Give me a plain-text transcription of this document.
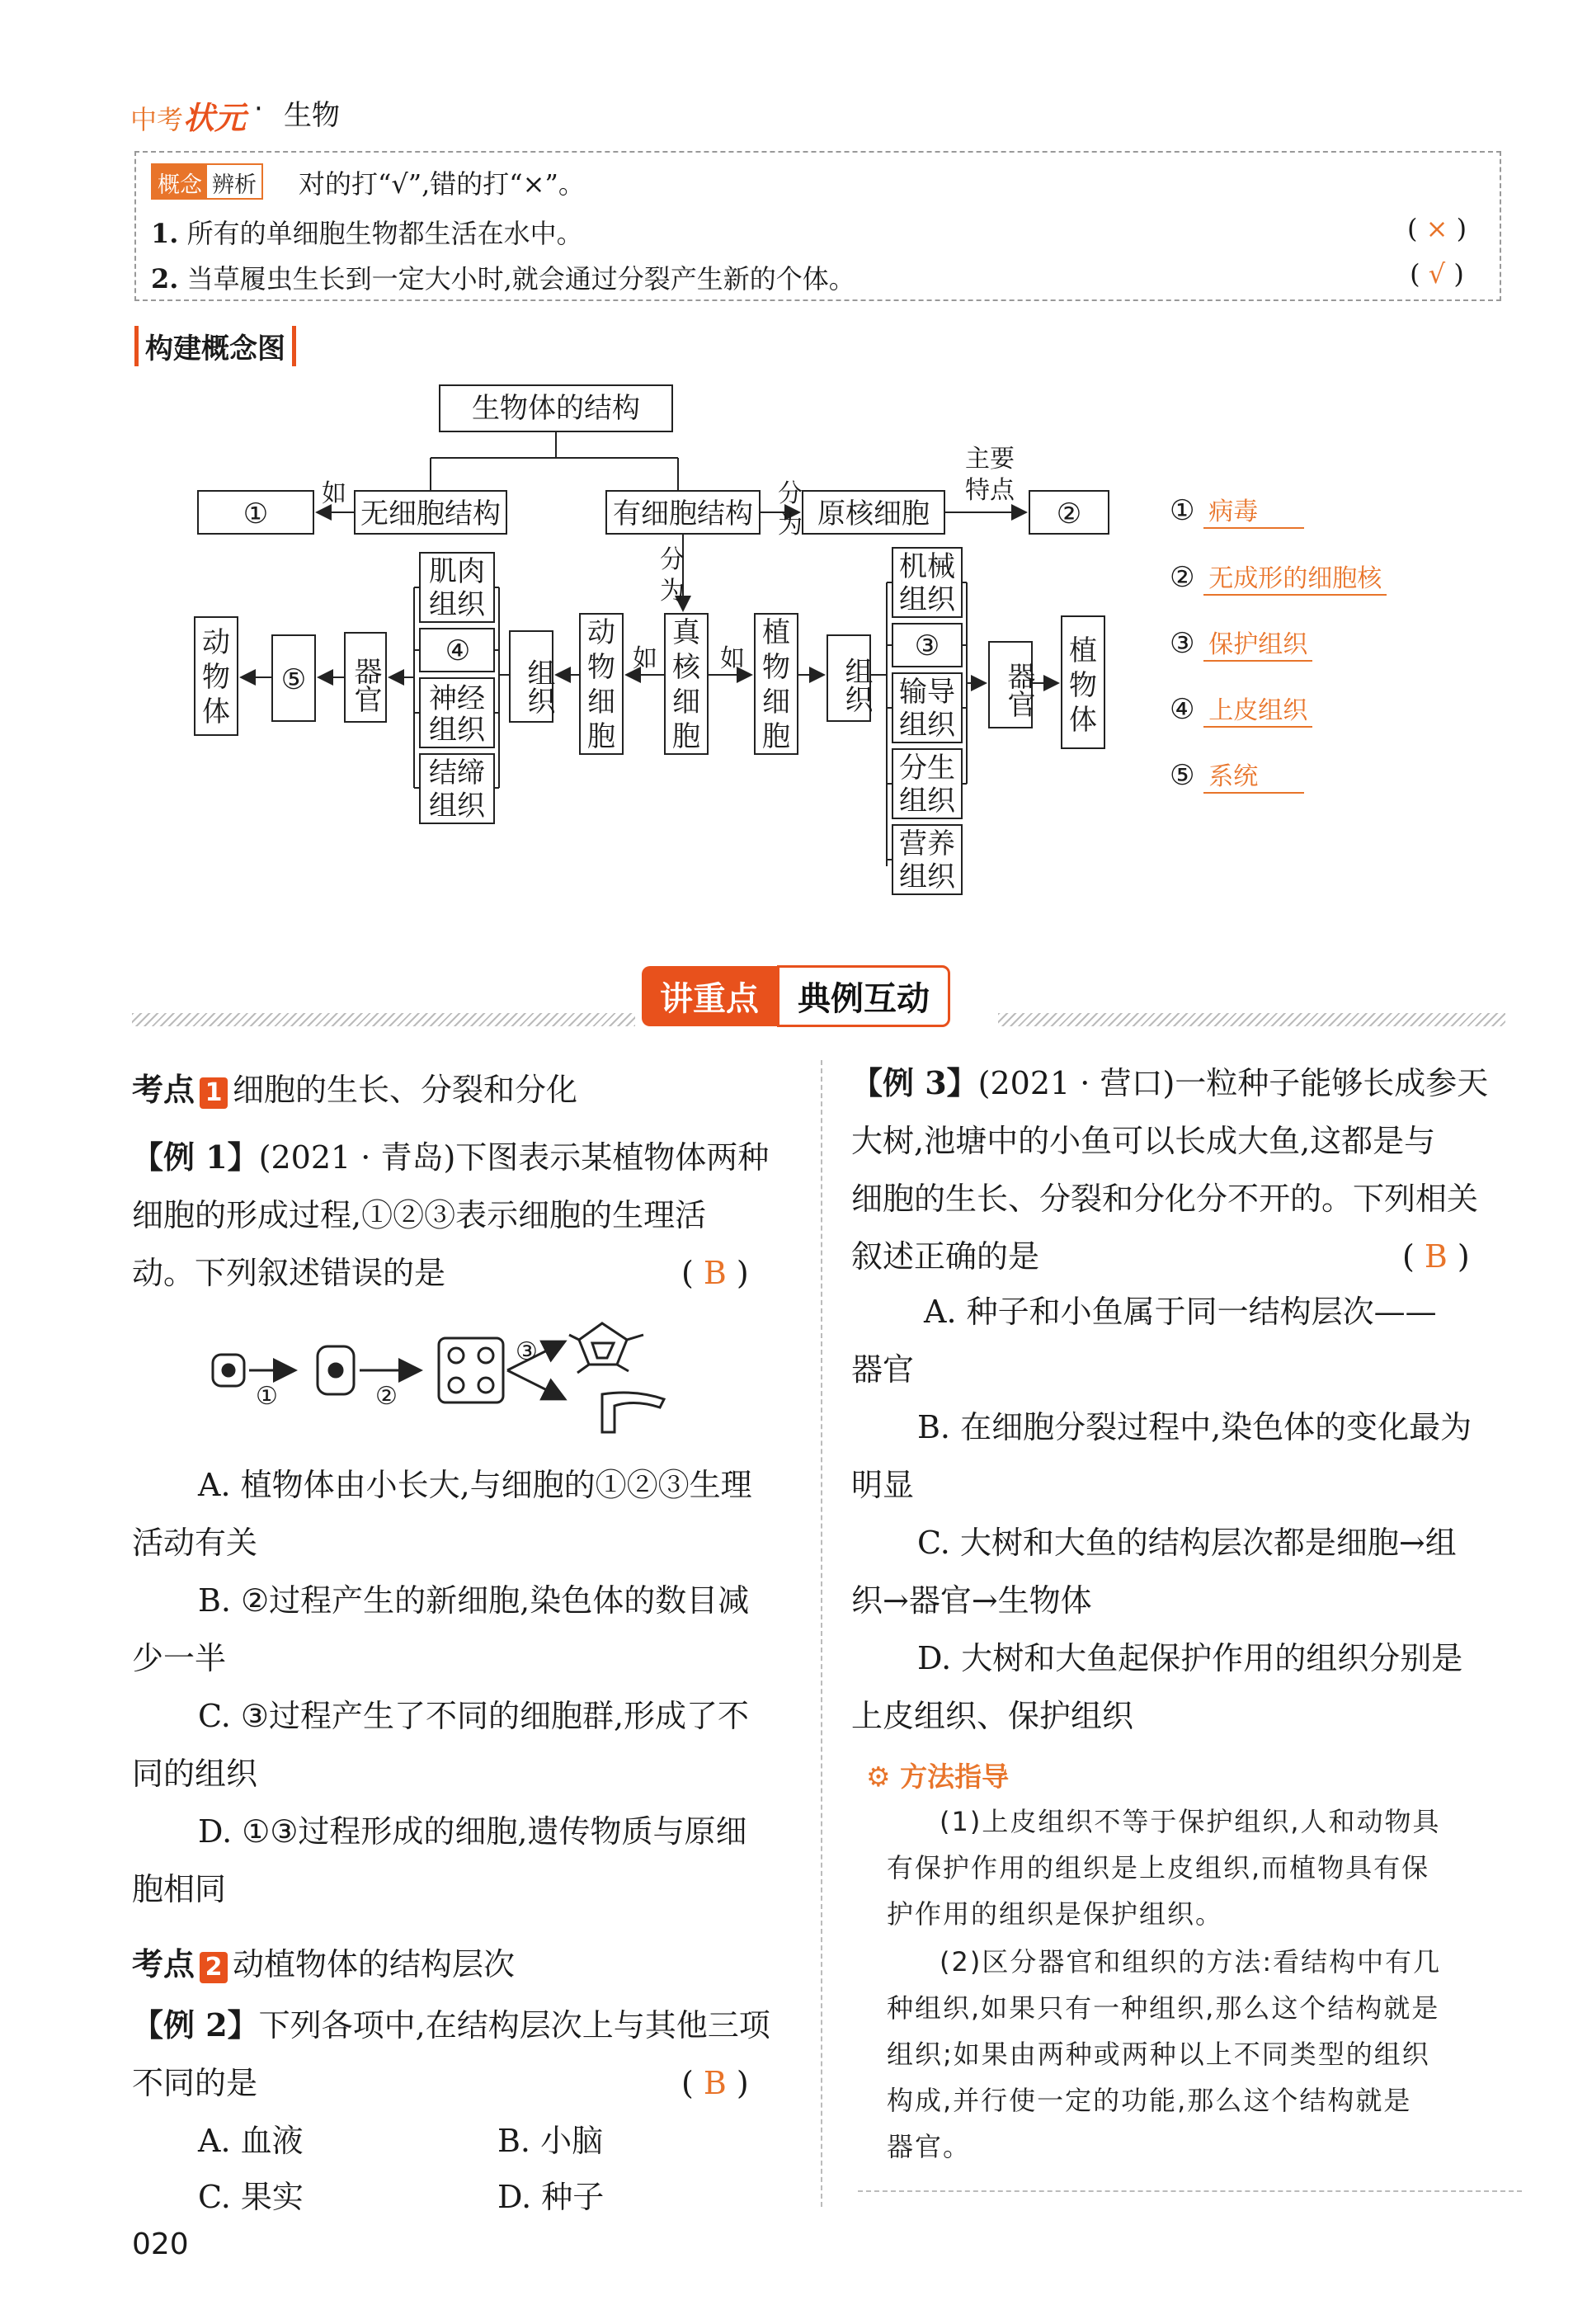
中考状元 · 生物
概念 辨析 对的打“√”,错的打“×”。
1. 所有的单细胞生物都生活在水中。	( × )
2. 当草履虫生长到一定大小时,就会通过分裂产生新的个体。	( √ )
构建概念图
生物体的结构
①	无细胞结构	有细胞结构 原核细胞	②
如
主要
特点
组织
组织
器官	器官
⑤
④	③
分
为
分
为
如	如
真
核
细
胞
动
物
细
胞
植
物
细
胞
动
物
体
植
物
体
肌肉
组织
神经
组织
结缔
组织
机械
组织
输导
组织
分生
组织
营养
组织
① 病毒
② 无成形的细胞核
③ 保护组织
④ 上皮组织
⑤ 系统
讲重点	典例互动
考点 1 细胞的生长、分裂和分化
【例 1】(2021 · 青岛)下图表示某植物体两种
细胞的形成过程,①②③表示细胞的生理活
动。下列叙述错误的是	( B )
①	②
③
A. 植物体由小长大,与细胞的①②③生理
活动有关
B. ②过程产生的新细胞,染色体的数目减
少一半
C. ③过程产生了不同的细胞群,形成了不
同的组织
D. ①③过程形成的细胞,遗传物质与原细
胞相同
考点 2 动植物体的结构层次
【例 2】下列各项中,在结构层次上与其他三项
不同的是	( B )
A. 血液	B. 小脑
C. 果实	D. 种子
【例 3】(2021 · 营口)一粒种子能够长成参天
大树,池塘中的小鱼可以长成大鱼,这都是与
细胞的生长、分裂和分化分不开的。下列相关
叙述正确的是	( B )
A. 种子和小鱼属于同一结构层次——
器官
B. 在细胞分裂过程中,染色体的变化最为
明显
C. 大树和大鱼的结构层次都是细胞→组
织→器官→生物体
D. 大树和大鱼起保护作用的组织分别是
上皮组织、保护组织
⚙ 方法指导
(1)上皮组织不等于保护组织,人和动物具
有保护作用的组织是上皮组织,而植物具有保
护作用的组织是保护组织。
(2)区分器官和组织的方法:看结构中有几
种组织,如果只有一种组织,那么这个结构就是
组织;如果由两种或两种以上不同类型的组织
构成,并行使一定的功能,那么这个结构就是
器官。
020
